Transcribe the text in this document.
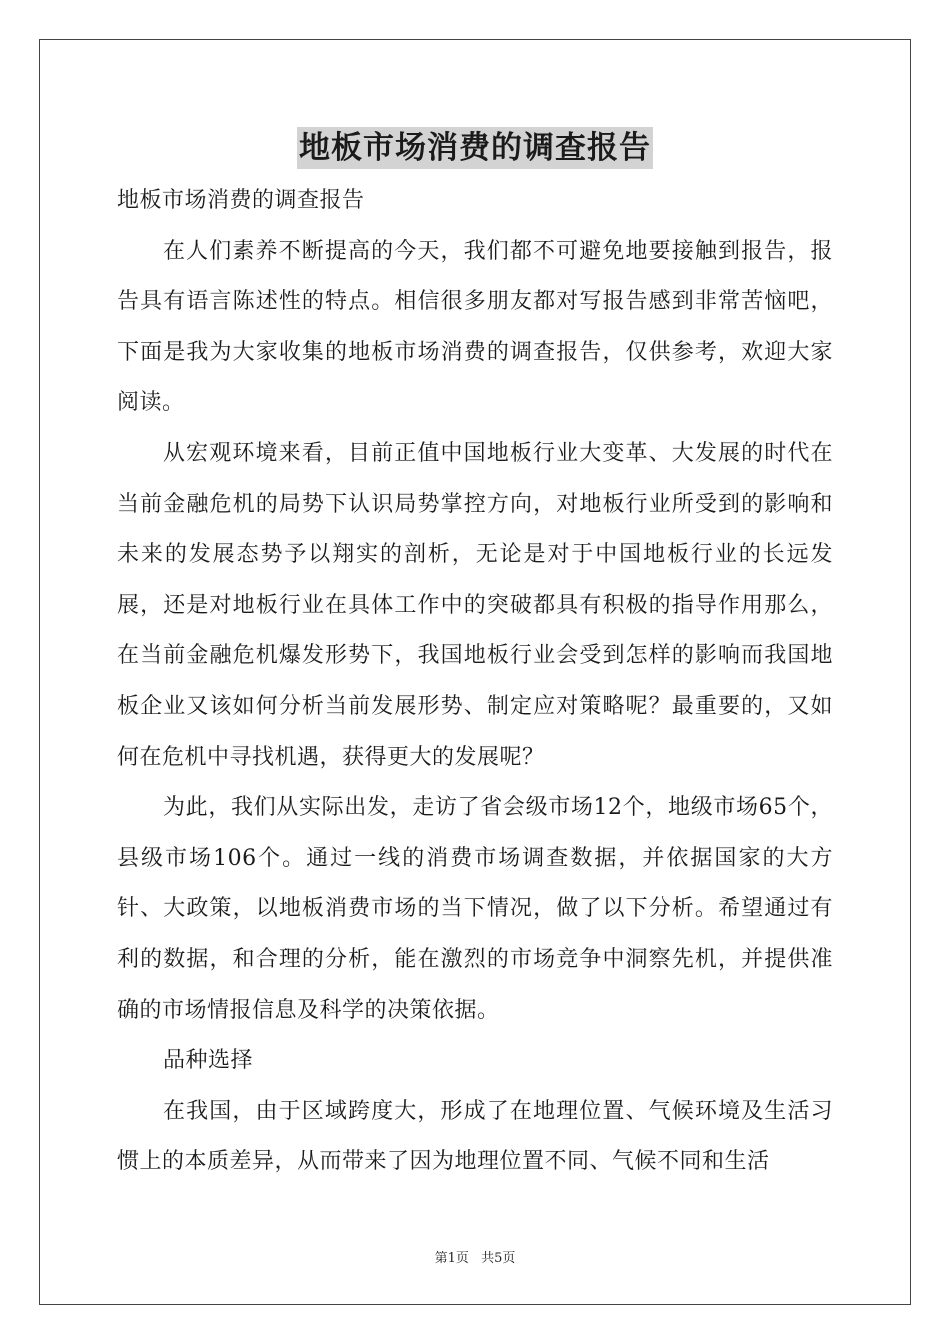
地板市场消费的调查报告

地板市场消费的调查报告

在人们素养不断提高的今天，我们都不可避免地要接触到报告，报告具有语言陈述性的特点。相信很多朋友都对写报告感到非常苦恼吧，下面是我为大家收集的地板市场消费的调查报告，仅供参考，欢迎大家阅读。

从宏观环境来看，目前正值中国地板行业大变革、大发展的时代在当前金融危机的局势下认识局势掌控方向，对地板行业所受到的影响和未来的发展态势予以翔实的剖析，无论是对于中国地板行业的长远发展，还是对地板行业在具体工作中的突破都具有积极的指导作用那么，在当前金融危机爆发形势下，我国地板行业会受到怎样的影响而我国地板企业又该如何分析当前发展形势、制定应对策略呢？最重要的，又如何在危机中寻找机遇，获得更大的发展呢？

为此，我们从实际出发，走访了省会级市场12个，地级市场65个，县级市场106个。通过一线的消费市场调查数据，并依据国家的大方针、大政策，以地板消费市场的当下情况，做了以下分析。希望通过有利的数据，和合理的分析，能在激烈的市场竞争中洞察先机，并提供准确的市场情报信息及科学的决策依据。

品种选择

在我国，由于区域跨度大，形成了在地理位置、气候环境及生活习惯上的本质差异，从而带来了因为地理位置不同、气候不同和生活

第1页 共5页
